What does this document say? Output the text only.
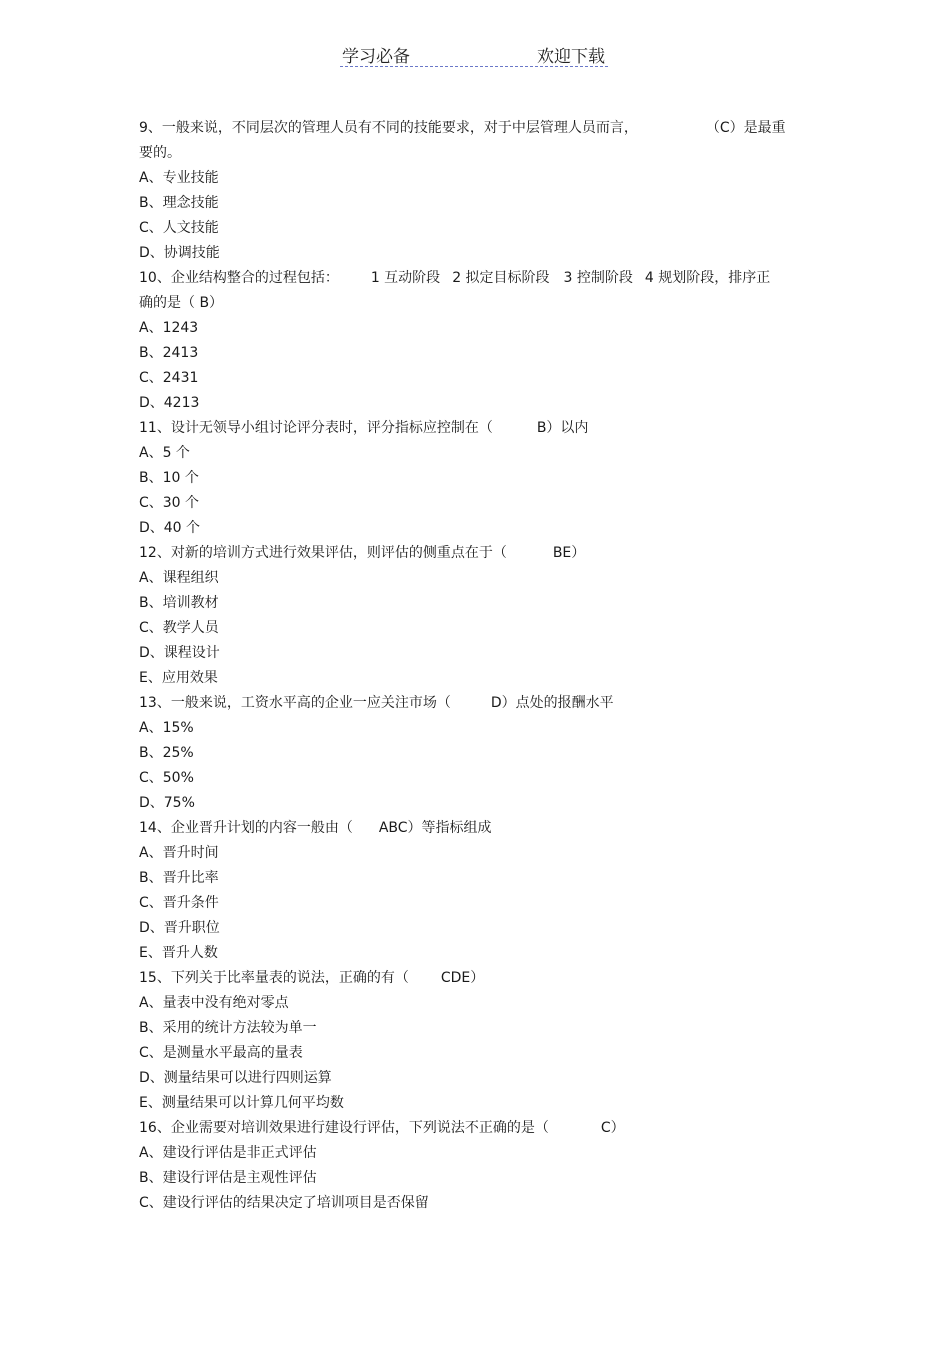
学习必备	欢迎下载
9、一般来说，不同层次的管理人员有不同的技能要求，对于中层管理人员而言，	（C）是最重
要的。
A、专业技能
B、理念技能
C、人文技能
D、协调技能
10、企业结构整合的过程包括： 1 互动阶段 2 拟定目标阶段 3 控制阶段 4 规划阶段，排序正
确的是（ B）
A、1243
B、2413
C、2431
D、4213
11、设计无领导小组讨论评分表时，评分指标应控制在（	B）以内
A、5 个
B、10 个
C、30 个
D、40 个
12、对新的培训方式进行效果评估，则评估的侧重点在于（	BE）
A、课程组织
B、培训教材
C、教学人员
D、课程设计
E、应用效果
13、一般来说，工资水平高的企业一应关注市场（	D）点处的报酬水平
A、15%
B、25%
C、50%
D、75%
14、企业晋升计划的内容一般由（ ABC）等指标组成
A、晋升时间
B、晋升比率
C、晋升条件
D、晋升职位
E、晋升人数
15、下列关于比率量表的说法，正确的有（ CDE）
A、量表中没有绝对零点
B、采用的统计方法较为单一
C、是测量水平最高的量表
D、测量结果可以进行四则运算
E、测量结果可以计算几何平均数
16、企业需要对培训效果进行建设行评估，下列说法不正确的是（	C）
A、建设行评估是非正式评估
B、建设行评估是主观性评估
C、建设行评估的结果决定了培训项目是否保留
